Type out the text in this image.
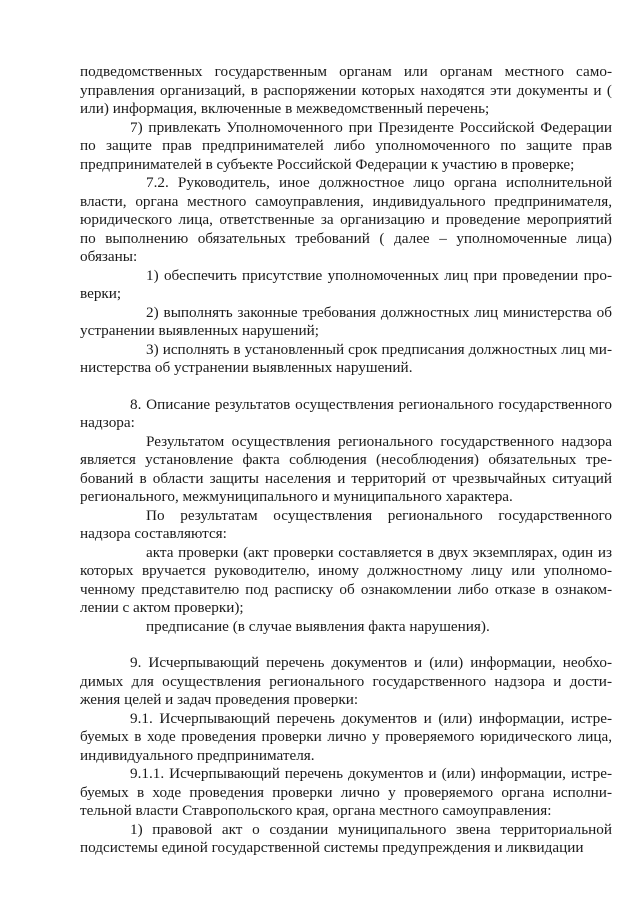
подведомственных государственным органам или органам местного самоуправления организаций, в распоряжении которых находятся эти документы и ( или) информация, включенные в межведомственный перечень;

7) привлекать Уполномоченного при Президенте Российской Федерации по защите прав предпринимателей либо уполномоченного по защите прав предпринимателей в субъекте Российской Федерации к участию в проверке;

7.2. Руководитель, иное должностное лицо органа исполнительной власти, органа местного самоуправления, индивидуального предпринимателя, юридического лица, ответственные за организацию и проведение мероприятий по выполнению обязательных требований ( далее – уполномоченные лица) обязаны:

1) обеспечить присутствие уполномоченных лиц при проведении проверки;

2) выполнять законные требования должностных лиц министерства об устранении выявленных нарушений;

3) исполнять в установленный срок предписания должностных лиц министерства об устранении выявленных нарушений.

8. Описание результатов осуществления регионального государственного надзора:

Результатом осуществления регионального государственного надзора является установление факта соблюдения (несоблюдения) обязательных требований в области защиты населения и территорий от чрезвычайных ситуаций регионального, межмуниципального и муниципального характера.

По результатам осуществления регионального государственного надзора составляются:

акта проверки (акт проверки составляется в двух экземплярах, один из которых вручается руководителю, иному должностному лицу или уполномоченному представителю под расписку об ознакомлении либо отказе в ознакомлении с актом проверки);

предписание (в случае выявления факта нарушения).

9. Исчерпывающий перечень документов и (или) информации, необходимых для осуществления регионального государственного надзора и достижения целей и задач проведения проверки:

9.1. Исчерпывающий перечень документов и (или) информации, истребуемых в ходе проведения проверки лично у проверяемого юридического лица, индивидуального предпринимателя.

9.1.1. Исчерпывающий перечень документов и (или) информации, истребуемых в ходе проведения проверки лично у проверяемого органа исполнительной власти Ставропольского края, органа местного самоуправления:

1) правовой акт о создании муниципального звена территориальной подсистемы единой государственной системы предупреждения и ликвидации
